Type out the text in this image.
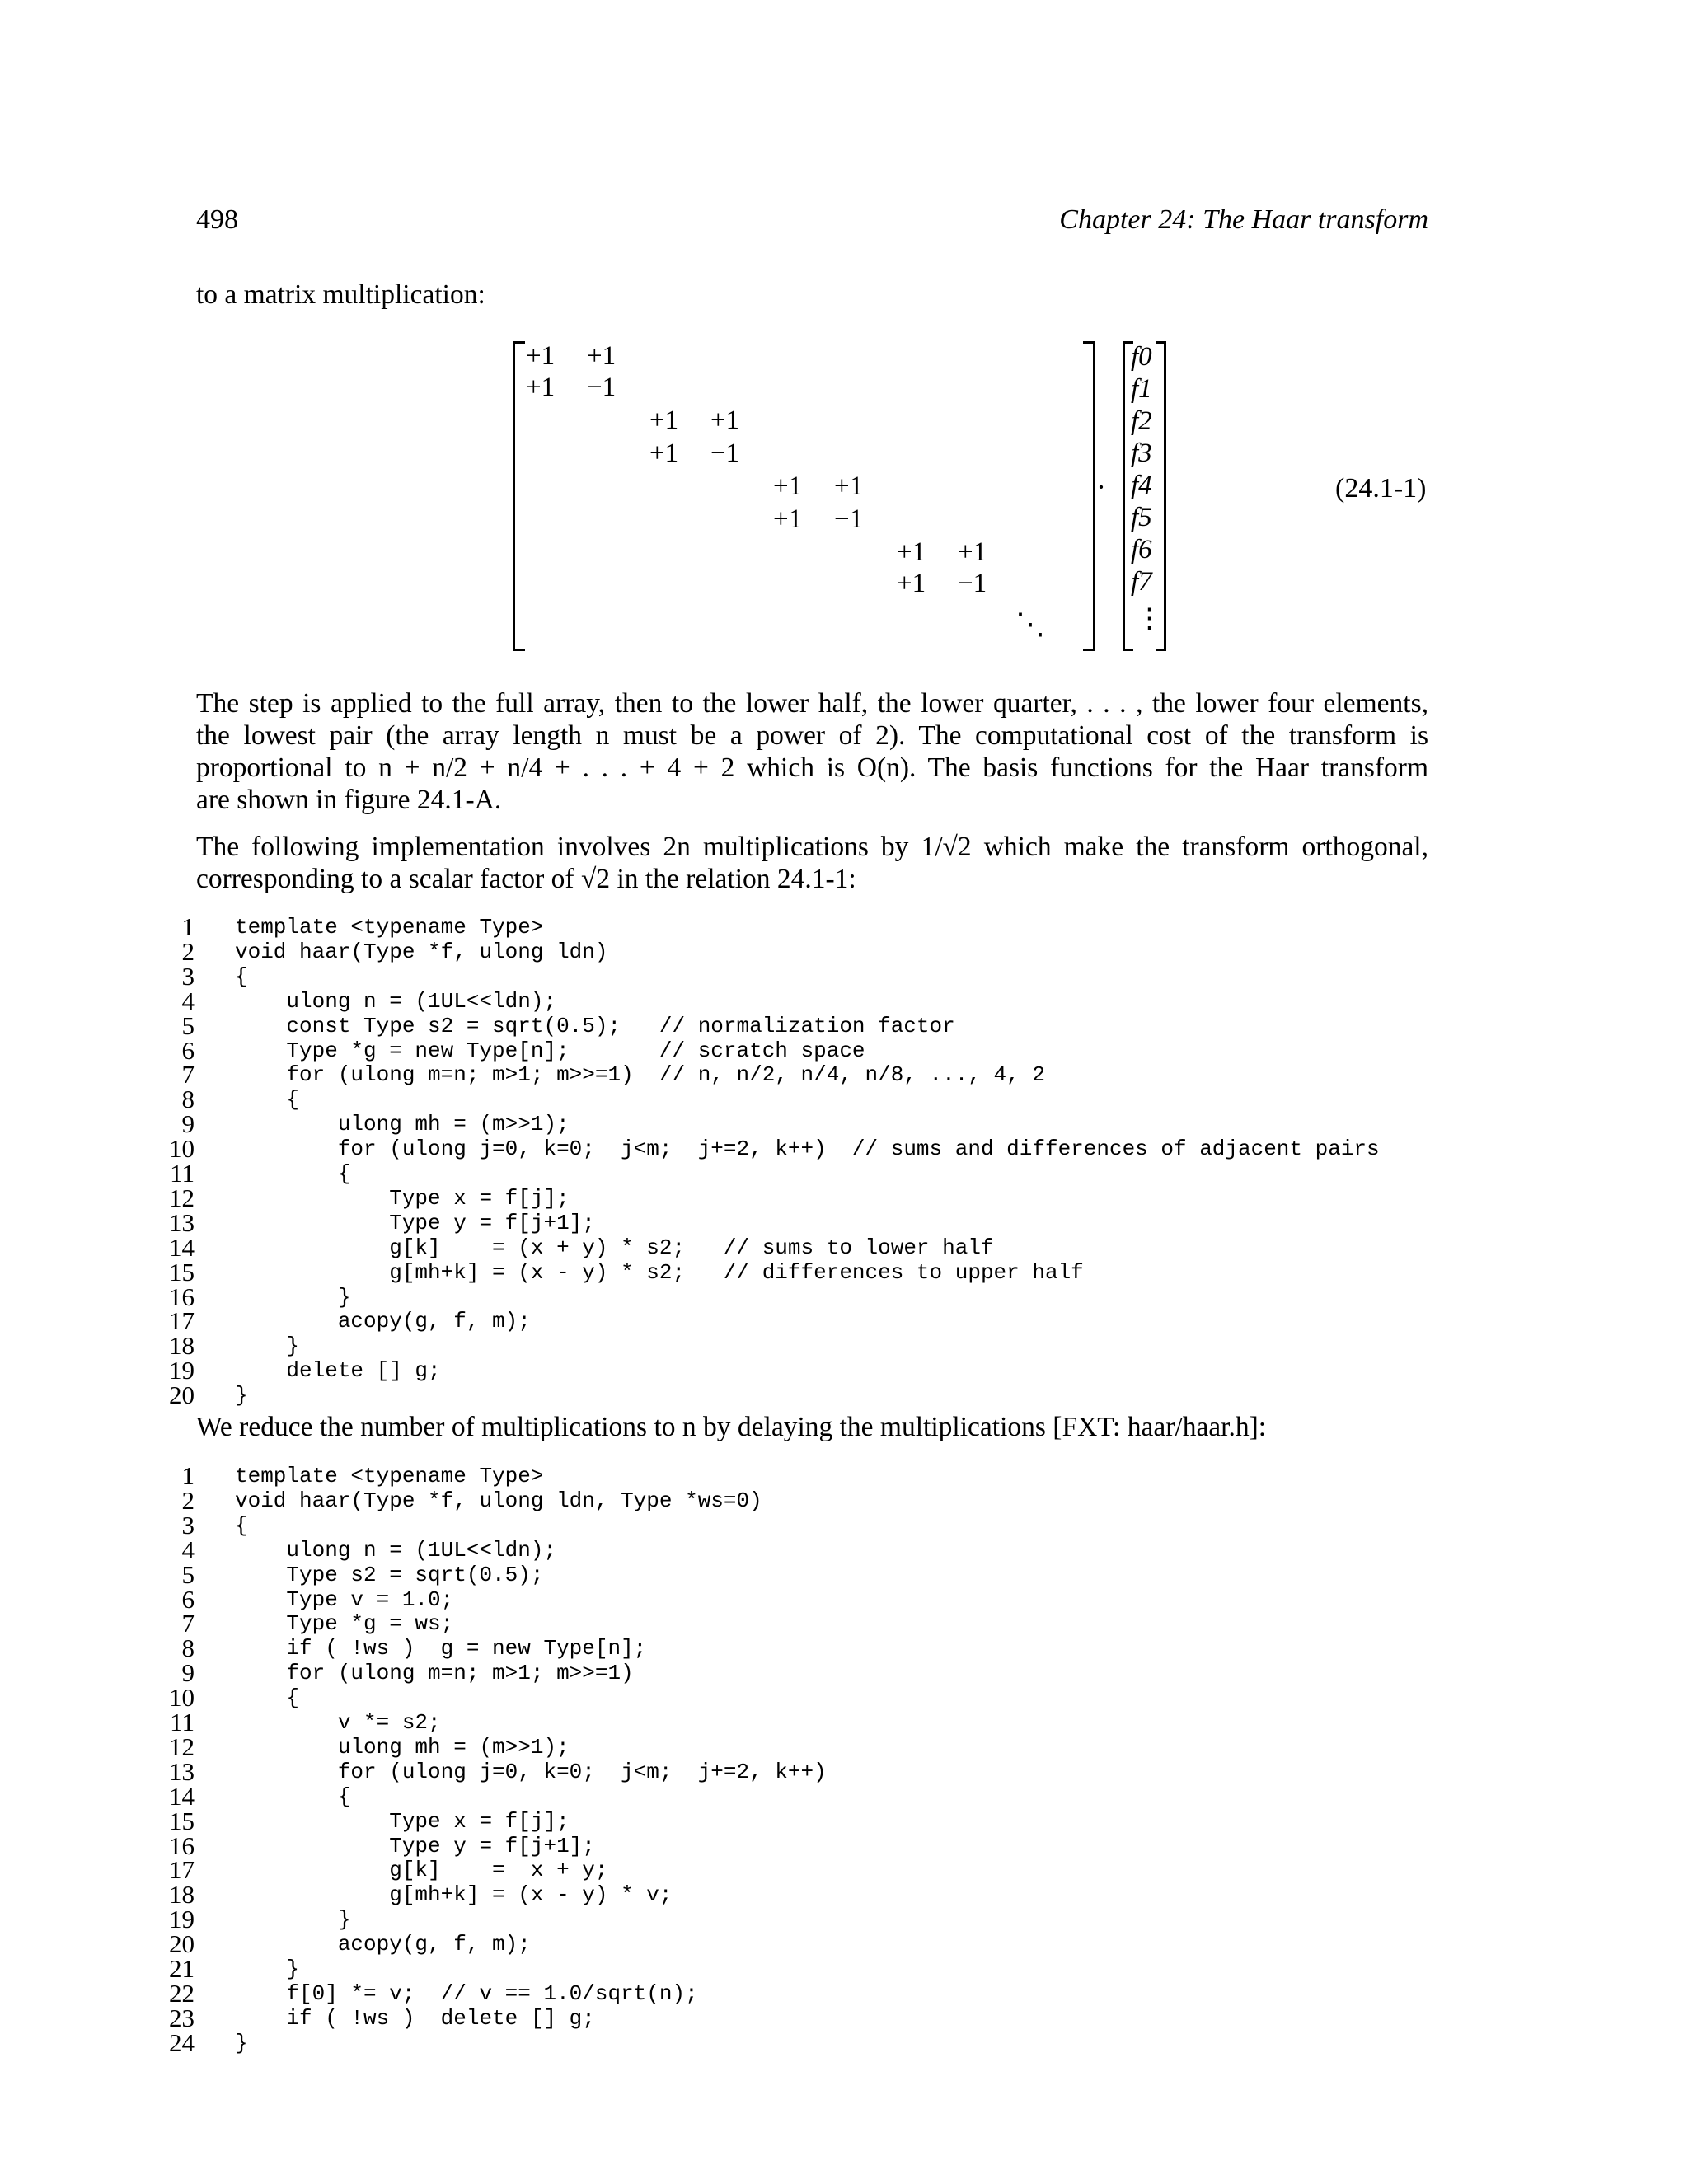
498	Chapter 24: The Haar transform
to a matrix multiplication:
+1 +1
+1 −1
+1 +1
+1 −1
+1 +1
+1 −1
+1 +1
+1 −1
⋱
·
f0
f1
f2
f3
f4
f5
f6
f7
⋮
(24.1-1)
The step is applied to the full array, then to the lower half, the lower quarter, . . . , the lower four elements,
the lowest pair (the array length n must be a power of 2). The computational cost of the transform is
proportional to n + n/2 + n/4 + . . . + 4 + 2 which is O(n). The basis functions for the Haar transform
are shown in figure 24.1-A.
The following implementation involves 2n multiplications by 1/√2 which make the transform orthogonal,
corresponding to a scalar factor of √2 in the relation 24.1-1:
1 template <typename Type>
2 void haar(Type *f, ulong ldn)
3 {
4 ulong n = (1UL<<ldn);
5 const Type s2 = sqrt(0.5);   // normalization factor
6 Type *g = new Type[n];       // scratch space
7 for (ulong m=n; m>1; m>>=1)  // n, n/2, n/4, n/8, ..., 4, 2
8 {
9 ulong mh = (m>>1);
10 for (ulong j=0, k=0;  j<m;  j+=2, k++)  // sums and differences of adjacent pairs
11 {
12 Type x = f[j];
13 Type y = f[j+1];
14 g[k]    = (x + y) * s2;   // sums to lower half
15 g[mh+k] = (x - y) * s2;   // differences to upper half
16 }
17 acopy(g, f, m);
18 }
19 delete [] g;
20 }
We reduce the number of multiplications to n by delaying the multiplications [FXT: haar/haar.h]:
1 template <typename Type>
2 void haar(Type *f, ulong ldn, Type *ws=0)
3 {
4 ulong n = (1UL<<ldn);
5 Type s2 = sqrt(0.5);
6 Type v = 1.0;
7 Type *g = ws;
8 if ( !ws )  g = new Type[n];
9 for (ulong m=n; m>1; m>>=1)
10 {
11 v *= s2;
12 ulong mh = (m>>1);
13 for (ulong j=0, k=0;  j<m;  j+=2, k++)
14 {
15 Type x = f[j];
16 Type y = f[j+1];
17 g[k]    =  x + y;
18 g[mh+k] = (x - y) * v;
19 }
20 acopy(g, f, m);
21 }
22 f[0] *= v;  // v == 1.0/sqrt(n);
23 if ( !ws )  delete [] g;
24 }
